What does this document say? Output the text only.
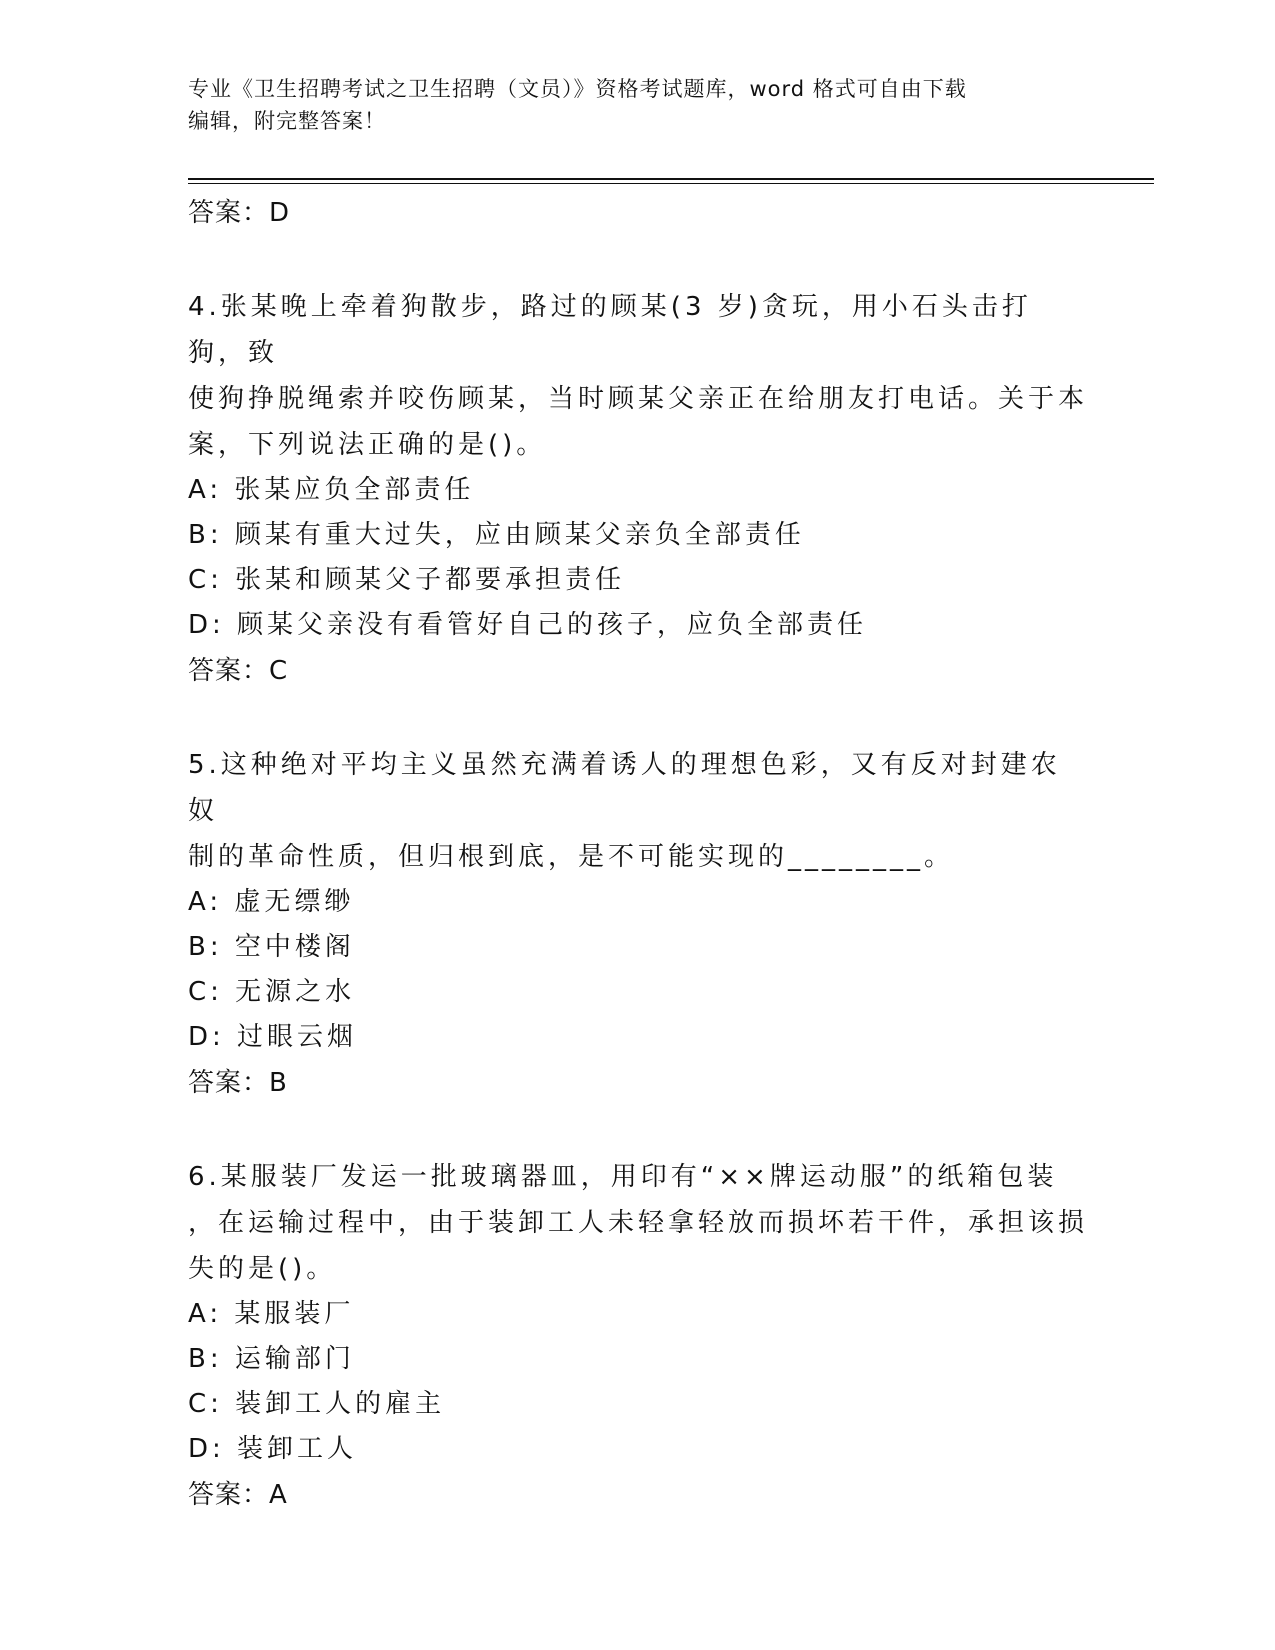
专业《卫生招聘考试之卫生招聘（文员）》资格考试题库，word 格式可自由下载
编辑，附完整答案！
答案：D
4.张某晚上牵着狗散步，路过的顾某(3 岁)贪玩，用小石头击打狗，致
使狗挣脱绳索并咬伤顾某，当时顾某父亲正在给朋友打电话。关于本
案，下列说法正确的是()。
A: 张某应负全部责任
B: 顾某有重大过失，应由顾某父亲负全部责任
C: 张某和顾某父子都要承担责任
D: 顾某父亲没有看管好自己的孩子，应负全部责任
答案：C
5.这种绝对平均主义虽然充满着诱人的理想色彩，又有反对封建农奴
制的革命性质，但归根到底，是不可能实现的________。
A: 虚无缥缈
B: 空中楼阁
C: 无源之水
D: 过眼云烟
答案：B
6.某服装厂发运一批玻璃器皿，用印有“××牌运动服”的纸箱包装
，在运输过程中，由于装卸工人未轻拿轻放而损坏若干件，承担该损
失的是()。
A: 某服装厂
B: 运输部门
C: 装卸工人的雇主
D: 装卸工人
答案：A
